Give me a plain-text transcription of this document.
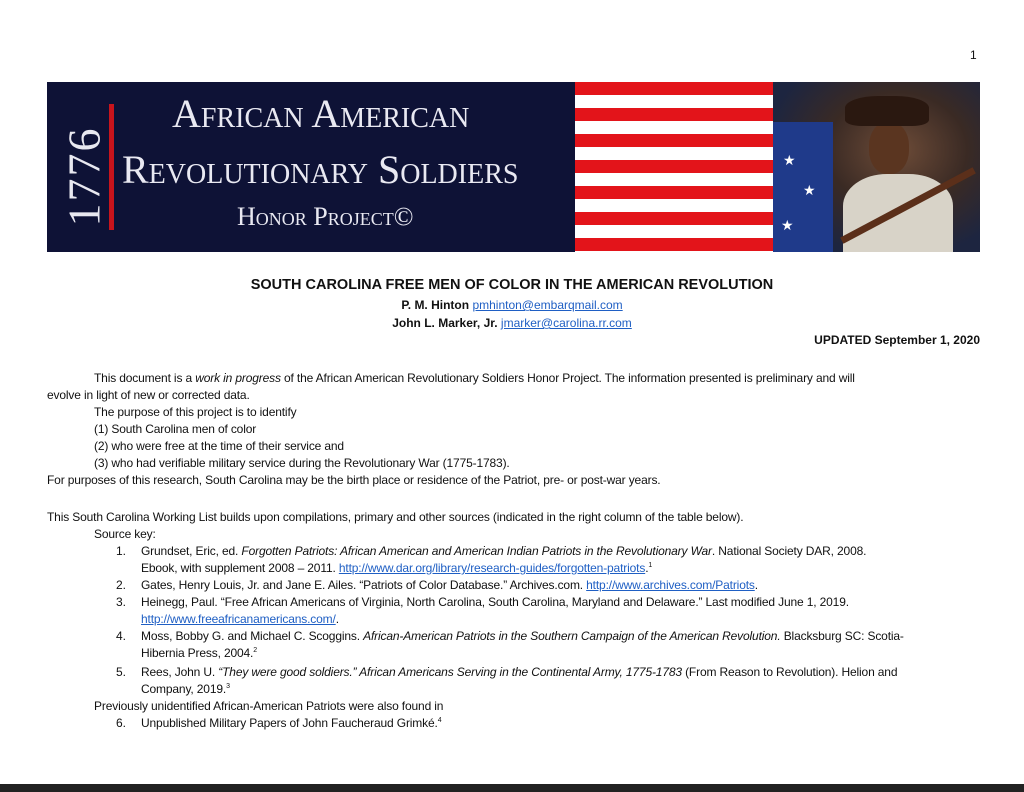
1
1776
African American
Revolutionary Soldiers
Honor Project©
★
★
★
SOUTH CAROLINA FREE MEN OF COLOR IN THE AMERICAN REVOLUTION
P. M. Hinton pmhinton@embarqmail.com
John L. Marker, Jr. jmarker@carolina.rr.com
UPDATED September 1, 2020
This document is a work in progress of the African American Revolutionary Soldiers Honor Project. The information presented is preliminary and will
evolve in light of new or corrected data.
The purpose of this project is to identify
(1) South Carolina men of color
(2) who were free at the time of their service and
(3) who had verifiable military service during the Revolutionary War (1775-1783).
For purposes of this research, South Carolina may be the birth place or residence of the Patriot, pre- or post-war years.
This South Carolina Working List builds upon compilations, primary and other sources (indicated in the right column of the table below).
Source key:
1. Grundset, Eric, ed. Forgotten Patriots: African American and American Indian Patriots in the Revolutionary War. National Society DAR, 2008.
Ebook, with supplement 2008 – 2011. http://www.dar.org/library/research-guides/forgotten-patriots.$^1$
2. Gates, Henry Louis, Jr. and Jane E. Ailes. “Patriots of Color Database.” Archives.com. http://www.archives.com/Patriots.
3. Heinegg, Paul. “Free African Americans of Virginia, North Carolina, South Carolina, Maryland and Delaware.” Last modified June 1, 2019.
http://www.freeafricanamericans.com/.
4. Moss, Bobby G. and Michael C. Scoggins. African-American Patriots in the Southern Campaign of the American Revolution. Blacksburg SC: Scotia-
Hibernia Press, 2004.$^2$
5. Rees, John U. “They were good soldiers.” African Americans Serving in the Continental Army, 1775-1783 (From Reason to Revolution). Helion and
Company, 2019.$^3$
Previously unidentified African-American Patriots were also found in
6. Unpublished Military Papers of John Faucheraud Grimké.$^4$
